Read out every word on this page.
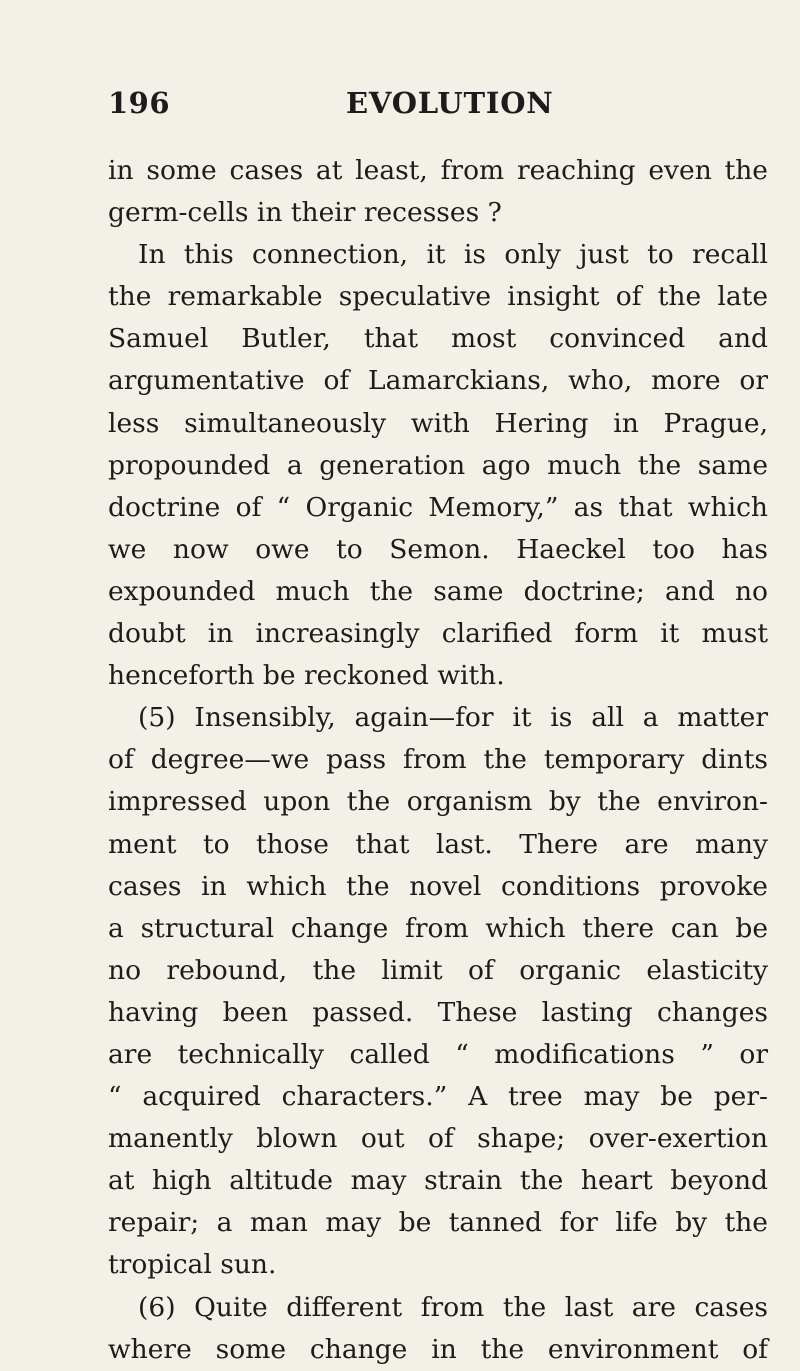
196	EVOLUTION
in some cases at least, from reaching even the
germ-cells in their recesses ?
In this connection, it is only just to recall
the remarkable speculative insight of the late
Samuel Butler, that most convinced and
argumentative of Lamarckians, who, more or
less simultaneously with Hering in Prague,
propounded a generation ago much the same
doctrine of “ Organic Memory,” as that which
we now owe to Semon. Haeckel too has
expounded much the same doctrine; and no
doubt in increasingly clarified form it must
henceforth be reckoned with.
(5) Insensibly, again—for it is all a matter
of degree—we pass from the temporary dints
impressed upon the organism by the environ-
ment to those that last. There are many
cases in which the novel conditions provoke
a structural change from which there can be
no rebound, the limit of organic elasticity
having been passed. These lasting changes
are technically called “ modifications ” or
“ acquired characters.” A tree may be per-
manently blown out of shape; over-exertion
at high altitude may strain the heart beyond
repair; a man may be tanned for life by the
tropical sun.
(6) Quite different from the last are cases
where some change in the environment of
